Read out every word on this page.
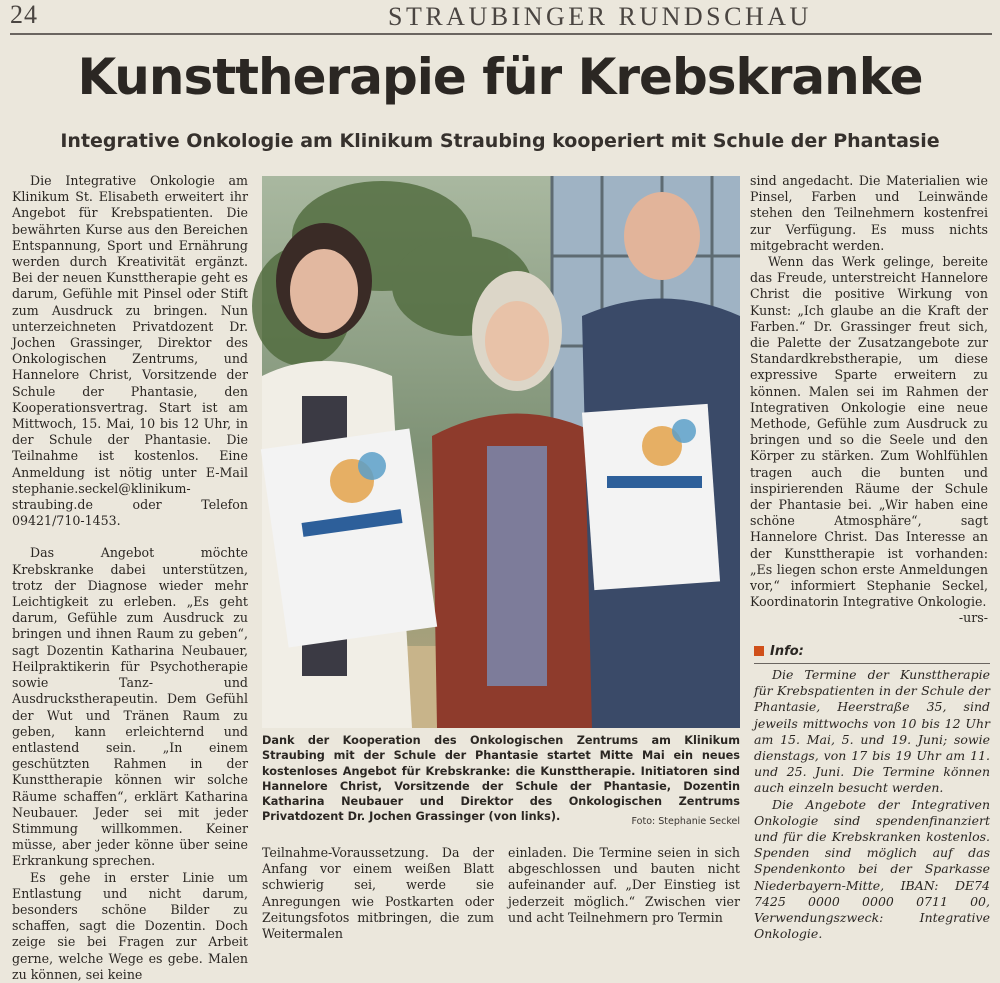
24	STRAUBINGER RUNDSCHAU
Kunsttherapie für Krebskranke
Integrative Onkologie am Klinikum Straubing kooperiert mit Schule der Phantasie

Die Integrative Onkologie am Klinikum St. Elisabeth erweitert ihr Angebot für Krebspatienten. Die bewährten Kurse aus den Bereichen Entspannung, Sport und Ernährung werden durch Kreativität ergänzt. Bei der neuen Kunsttherapie geht es darum, Gefühle mit Pinsel oder Stift zum Ausdruck zu bringen. Nun unterzeichneten Privatdozent Dr. Jochen Grassinger, Direktor des Onkologischen Zentrums, und Hannelore Christ, Vorsitzende der Schule der Phantasie, den Kooperationsvertrag. Start ist am Mittwoch, 15. Mai, 10 bis 12 Uhr, in der Schule der Phantasie. Die Teilnahme ist kostenlos. Eine Anmeldung ist nötig unter E-Mail stephanie.seckel@klinikum-straubing.de oder Telefon 09421/710-1453.

Das Angebot möchte Krebskranke dabei unterstützen, trotz der Diagnose wieder mehr Leichtigkeit zu erleben. „Es geht darum, Gefühle zum Ausdruck zu bringen und ihnen Raum zu geben“, sagt Dozentin Katharina Neubauer, Heilpraktikerin für Psychotherapie sowie Tanz- und Ausdruckstherapeutin. Dem Gefühl der Wut und Tränen Raum zu geben, kann erleichternd und entlastend sein. „In einem geschützten Rahmen in der Kunsttherapie können wir solche Räume schaffen“, erklärt Katharina Neubauer. Jeder sei mit jeder Stimmung willkommen. Keiner müsse, aber jeder könne über seine Erkrankung sprechen.

Es gehe in erster Linie um Entlastung und nicht darum, besonders schöne Bilder zu schaffen, sagt die Dozentin. Doch zeige sie bei Fragen zur Arbeit gerne, welche Wege es gebe. Malen zu können, sei keine

Dank der Kooperation des Onkologischen Zentrums am Klinikum Straubing mit der Schule der Phantasie startet Mitte Mai ein neues kostenloses Angebot für Krebskranke: die Kunsttherapie. Initiatoren sind Hannelore Christ, Vorsitzende der Schule der Phantasie, Dozentin Katharina Neubauer und Direktor des Onkologischen Zentrums Privatdozent Dr. Jochen Grassinger (von links).	Foto: Stephanie Seckel

Teilnahme-Voraussetzung. Da der Anfang vor einem weißen Blatt schwierig sei, werde sie Anregungen wie Postkarten oder Zeitungsfotos mitbringen, die zum Weitermalen

einladen. Die Termine seien in sich abgeschlossen und bauten nicht aufeinander auf. „Der Einstieg ist jederzeit möglich.“ Zwischen vier und acht Teilnehmern pro Termin

sind angedacht. Die Materialien wie Pinsel, Farben und Leinwände stehen den Teilnehmern kostenfrei zur Verfügung. Es muss nichts mitgebracht werden.

Wenn das Werk gelinge, bereite das Freude, unterstreicht Hannelore Christ die positive Wirkung von Kunst: „Ich glaube an die Kraft der Farben.“ Dr. Grassinger freut sich, die Palette der Zusatzangebote zur Standardkrebstherapie, um diese expressive Sparte erweitern zu können. Malen sei im Rahmen der Integrativen Onkologie eine neue Methode, Gefühle zum Ausdruck zu bringen und so die Seele und den Körper zu stärken. Zum Wohlfühlen tragen auch die bunten und inspirierenden Räume der Schule der Phantasie bei. „Wir haben eine schöne Atmosphäre“, sagt Hannelore Christ. Das Interesse an der Kunsttherapie ist vorhanden: „Es liegen schon erste Anmeldungen vor,“ informiert Stephanie Seckel, Koordinatorin Integrative Onkologie.

-urs-
Info:

Die Termine der Kunsttherapie für Krebspatienten in der Schule der Phantasie, Heerstraße 35, sind jeweils mittwochs von 10 bis 12 Uhr am 15. Mai, 5. und 19. Juni; sowie dienstags, von 17 bis 19 Uhr am 11. und 25. Juni. Die Termine können auch einzeln besucht werden.

Die Angebote der Integrativen Onkologie sind spendenfinanziert und für die Krebskranken kostenlos. Spenden sind möglich auf das Spendenkonto bei der Sparkasse Niederbayern-Mitte, IBAN: DE74 7425 0000 0000 0711 00, Verwendungszweck: Integrative Onkologie.
